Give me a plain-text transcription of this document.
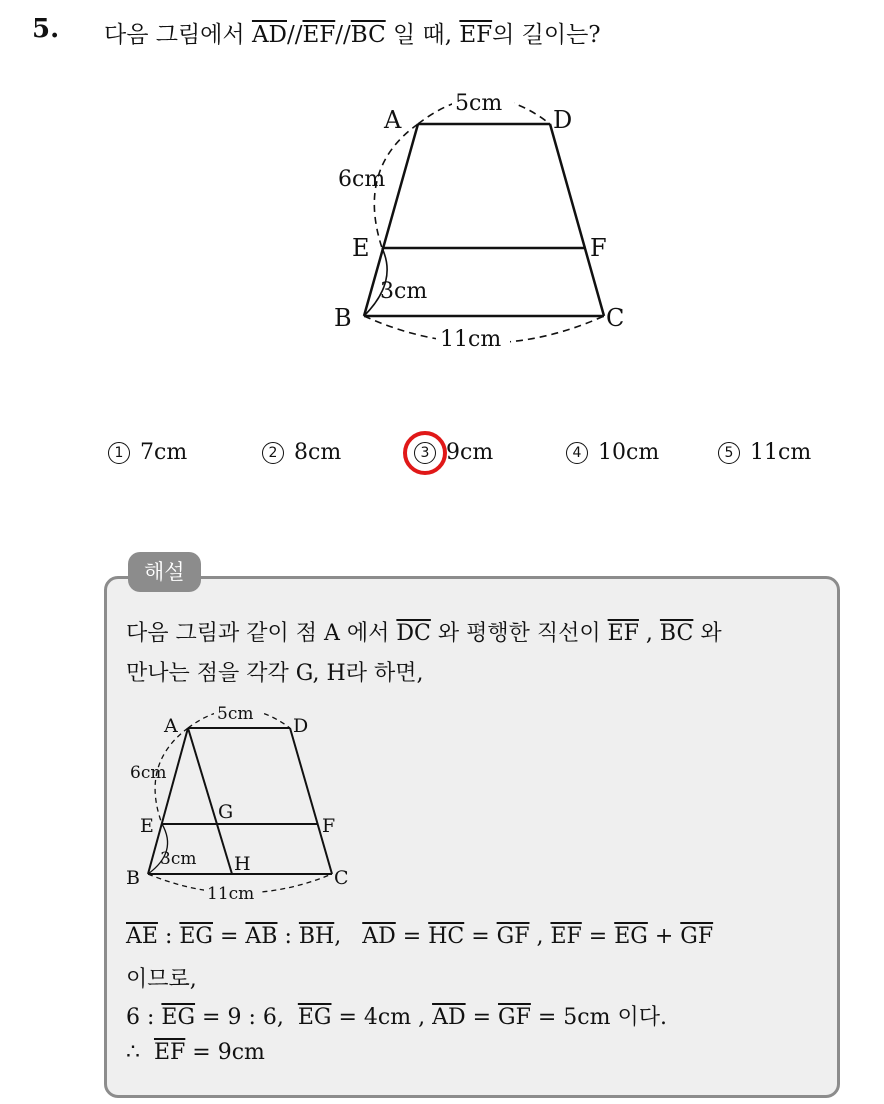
5. 다음 그림에서 $\overline{AD}//\overline{EF}//\overline{BC}$ 일 때, $\overline{EF}$의 길이는?
A	D
E	F
B	C
5cm
6cm
3cm
11cm
1 7cm	2 8cm	3 9cm	4 10cm	5 11cm
해설
다음 그림과 같이 점 A 에서 $\overline{DC}$ 와 평행한 직선이 $\overline{EF}$ , $\overline{BC}$ 와
만나는 점을 각각 G, H라 하면,
A	D
E
G
F
B
H
C
5cm
6cm
3cm
11cm
$\overline{AE}$ : $\overline{EG} = \overline{AB}$ : $\overline{BH}$,   $\overline{AD} = \overline{HC} = \overline{GF}$ , $\overline{EF} = \overline{EG} + \overline{GF}$
이므로,
6 : $\overline{EG} = 9$ : 6,  $\overline{EG} = 4cm$ , $\overline{AD} = \overline{GF} = 5cm$ 이다.
∴  $\overline{EF} = 9cm$
